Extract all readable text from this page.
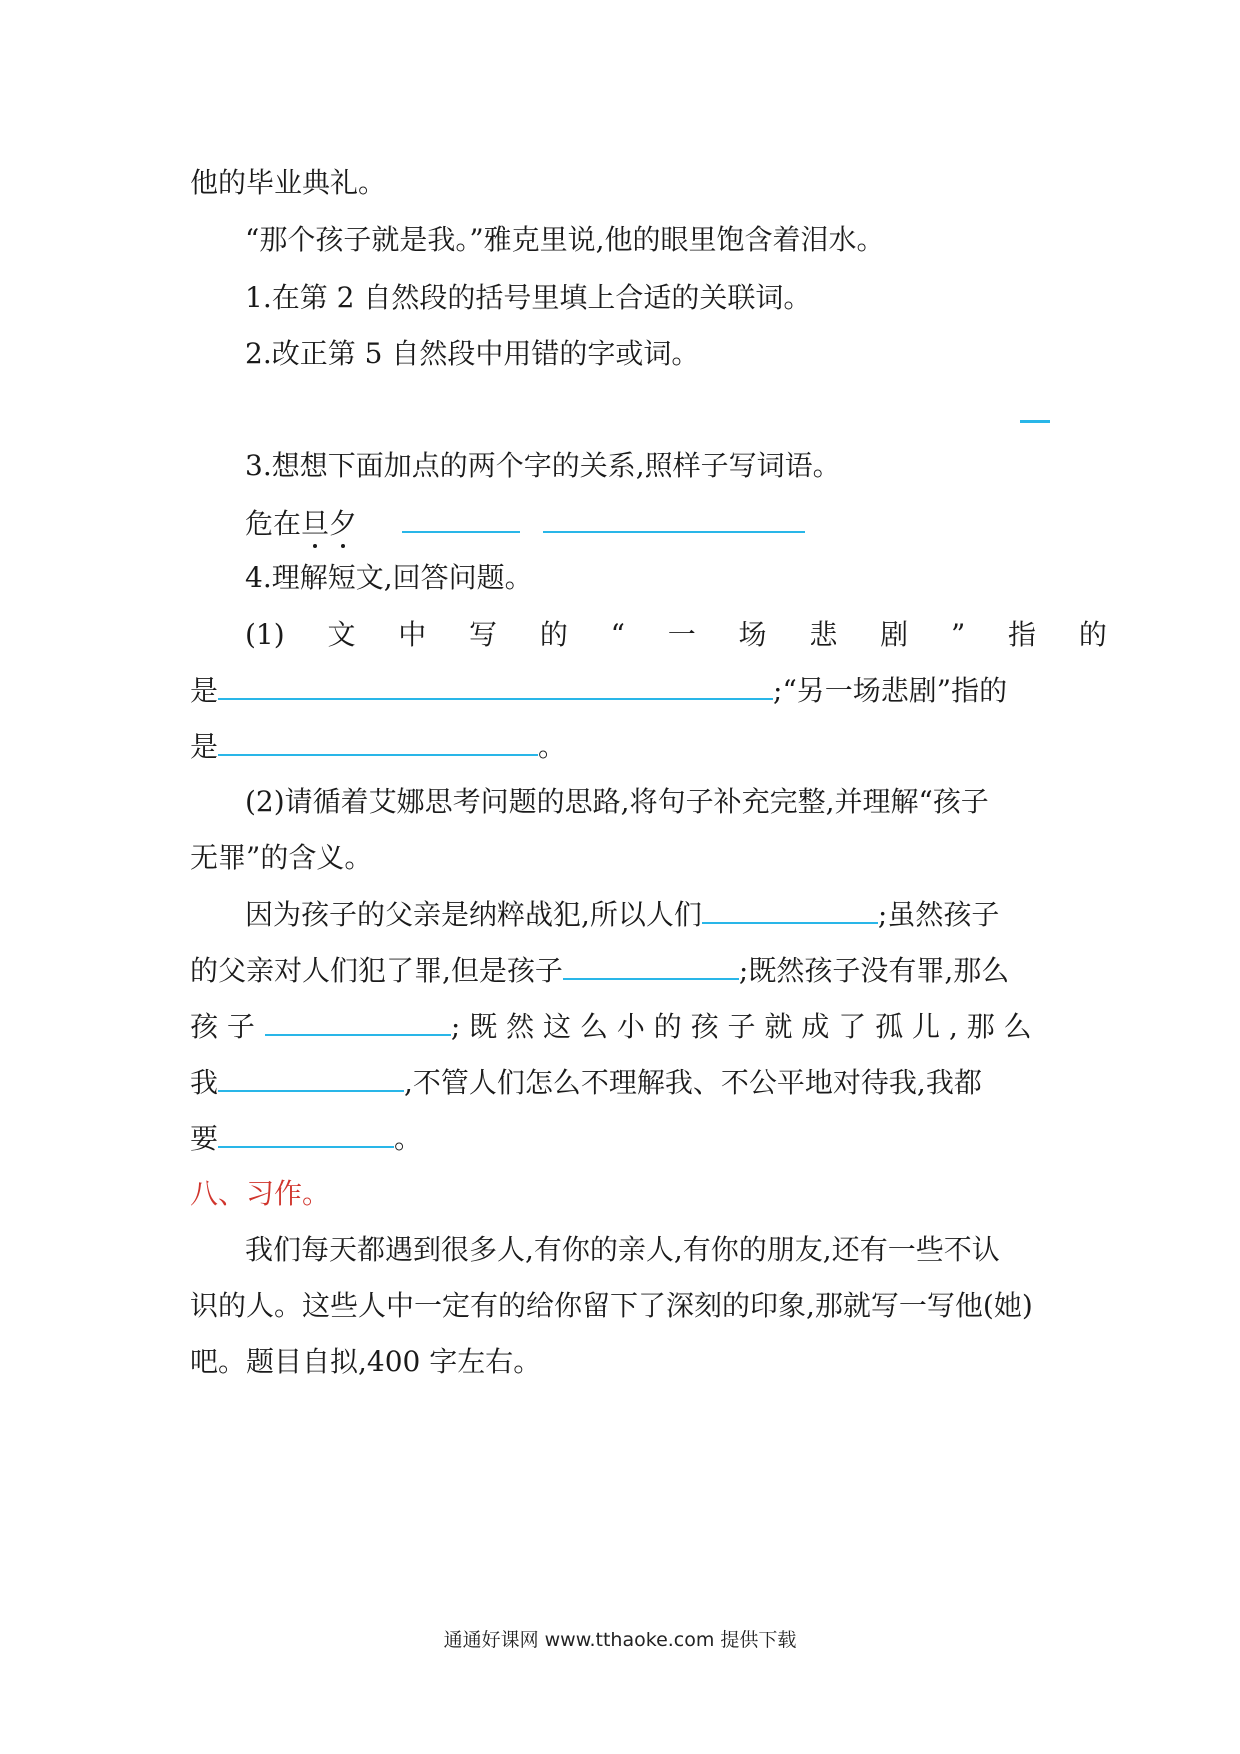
他的毕业典礼。
“那个孩子就是我。”雅克里说,他的眼里饱含着泪水。
1.在第 2 自然段的括号里填上合适的关联词。
2.改正第 5 自然段中用错的字或词。
3.想想下面加点的两个字的关系,照样子写词语。
危在旦夕
4.理解短文,回答问题。
(1) 文 中 写 的 “ 一 场 悲 剧 ” 指 的
是	;“另一场悲剧”指的
是	。
(2)请循着艾娜思考问题的思路,将句子补充完整,并理解“孩子
无罪”的含义。
因为孩子的父亲是纳粹战犯,所以人们	;虽然孩子
的父亲对人们犯了罪,但是孩子	;既然孩子没有罪,那么
孩 子	; 既 然 这 么 小 的 孩 子 就 成 了 孤 儿 , 那 么
我	,不管人们怎么不理解我、不公平地对待我,我都
要	。
八、习作。
我们每天都遇到很多人,有你的亲人,有你的朋友,还有一些不认
识的人。这些人中一定有的给你留下了深刻的印象,那就写一写他(她)
吧。题目自拟,400 字左右。
通通好课网 www.tthaoke.com 提供下载
